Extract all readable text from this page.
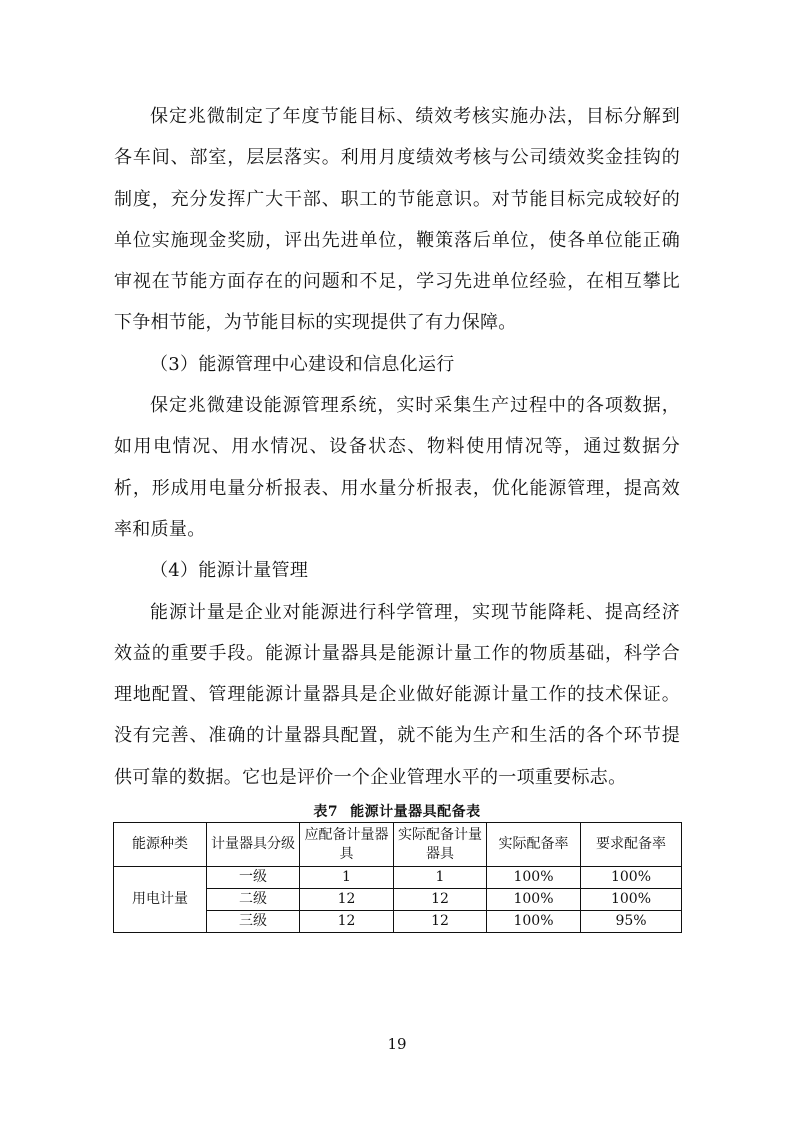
保定兆微制定了年度节能目标、绩效考核实施办法，目标分解到各车间、部室，层层落实。利用月度绩效考核与公司绩效奖金挂钩的制度，充分发挥广大干部、职工的节能意识。对节能目标完成较好的单位实施现金奖励，评出先进单位，鞭策落后单位，使各单位能正确审视在节能方面存在的问题和不足，学习先进单位经验，在相互攀比下争相节能，为节能目标的实现提供了有力保障。

（3）能源管理中心建设和信息化运行

保定兆微建设能源管理系统，实时采集生产过程中的各项数据，如用电情况、用水情况、设备状态、物料使用情况等，通过数据分析，形成用电量分析报表、用水量分析报表，优化能源管理，提高效率和质量。

（4）能源计量管理

能源计量是企业对能源进行科学管理，实现节能降耗、提高经济效益的重要手段。能源计量器具是能源计量工作的物质基础，科学合理地配置、管理能源计量器具是企业做好能源计量工作的技术保证。没有完善、准确的计量器具配置，就不能为生产和生活的各个环节提供可靠的数据。它也是评价一个企业管理水平的一项重要标志。

表7 能源计量器具配备表
能源种类	计量器具分级	应配备计量器具	实际配备计量器具	实际配备率	要求配备率
用电计量	一级	1	1	100%	100%
	二级	12	12	100%	100%
	三级	12	12	100%	95%
19
